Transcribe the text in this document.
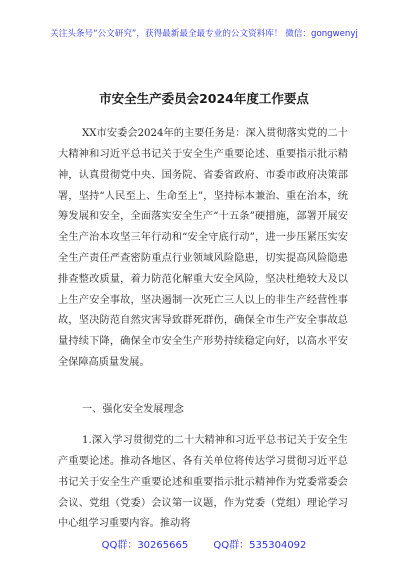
关注头条号“公文研究”，获得最新最全最专业的公文资料库！ 微信：gongwenyj
市安全生产委员会2024年度工作要点

XX市安委会2024年的主要任务是：深入贯彻落实党的二十大精神和习近平总书记关于安全生产重要论述、重要指示批示精神，认真贯彻党中央、国务院、省委省政府、市委市政府决策部署，坚持“人民至上、生命至上”，坚持标本兼治、重在治本，统筹发展和安全，全面落实安全生产“十五条”硬措施，部署开展安全生产治本攻坚三年行动和“安全守底行动”，进一步压紧压实安全生产责任严查密防重点行业领域风险隐患，切实提高风险隐患排查整改质量，着力防范化解重大安全风险，坚决杜绝较大及以上生产安全事故，坚决遏制一次死亡三人以上的非生产经营性事故，坚决防范自然灾害导致群死群伤，确保全市生产安全事故总量持续下降，确保全市安全生产形势持续稳定向好，以高水平安全保障高质量发展。

一、强化安全发展理念

1.深入学习贯彻党的二十大精神和习近平总书记关于安全生产重要论述。推动各地区、各有关单位将传达学习贯彻习近平总书记关于安全生产重要论述和重要指示批示精神作为党委常委会会议、党组（党委）会议第一议题，作为党委（党组）理论学习中心组学习重要内容。推动将

QQ群：30265665	QQ群：535304092
